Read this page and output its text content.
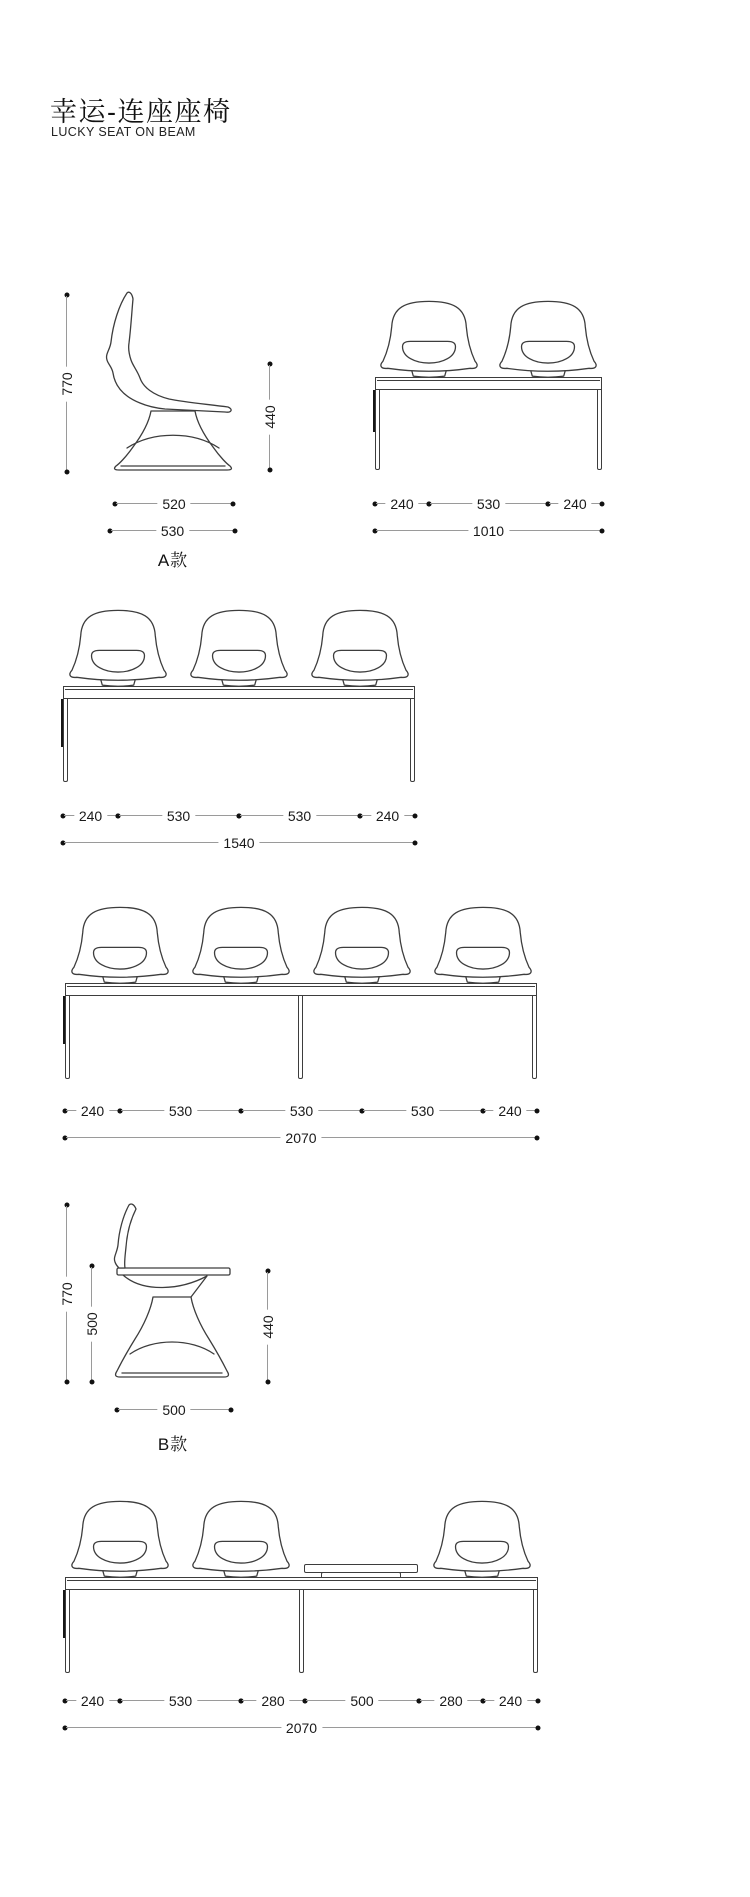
幸运-连座座椅
LUCKY SEAT ON BEAM
770
440
520
530
A款
240	530	240
1010
240	530	530	240
1540
240	530	530	530	240
2070
770
500	440
500
B款
240	530	280	500	280	240
2070
